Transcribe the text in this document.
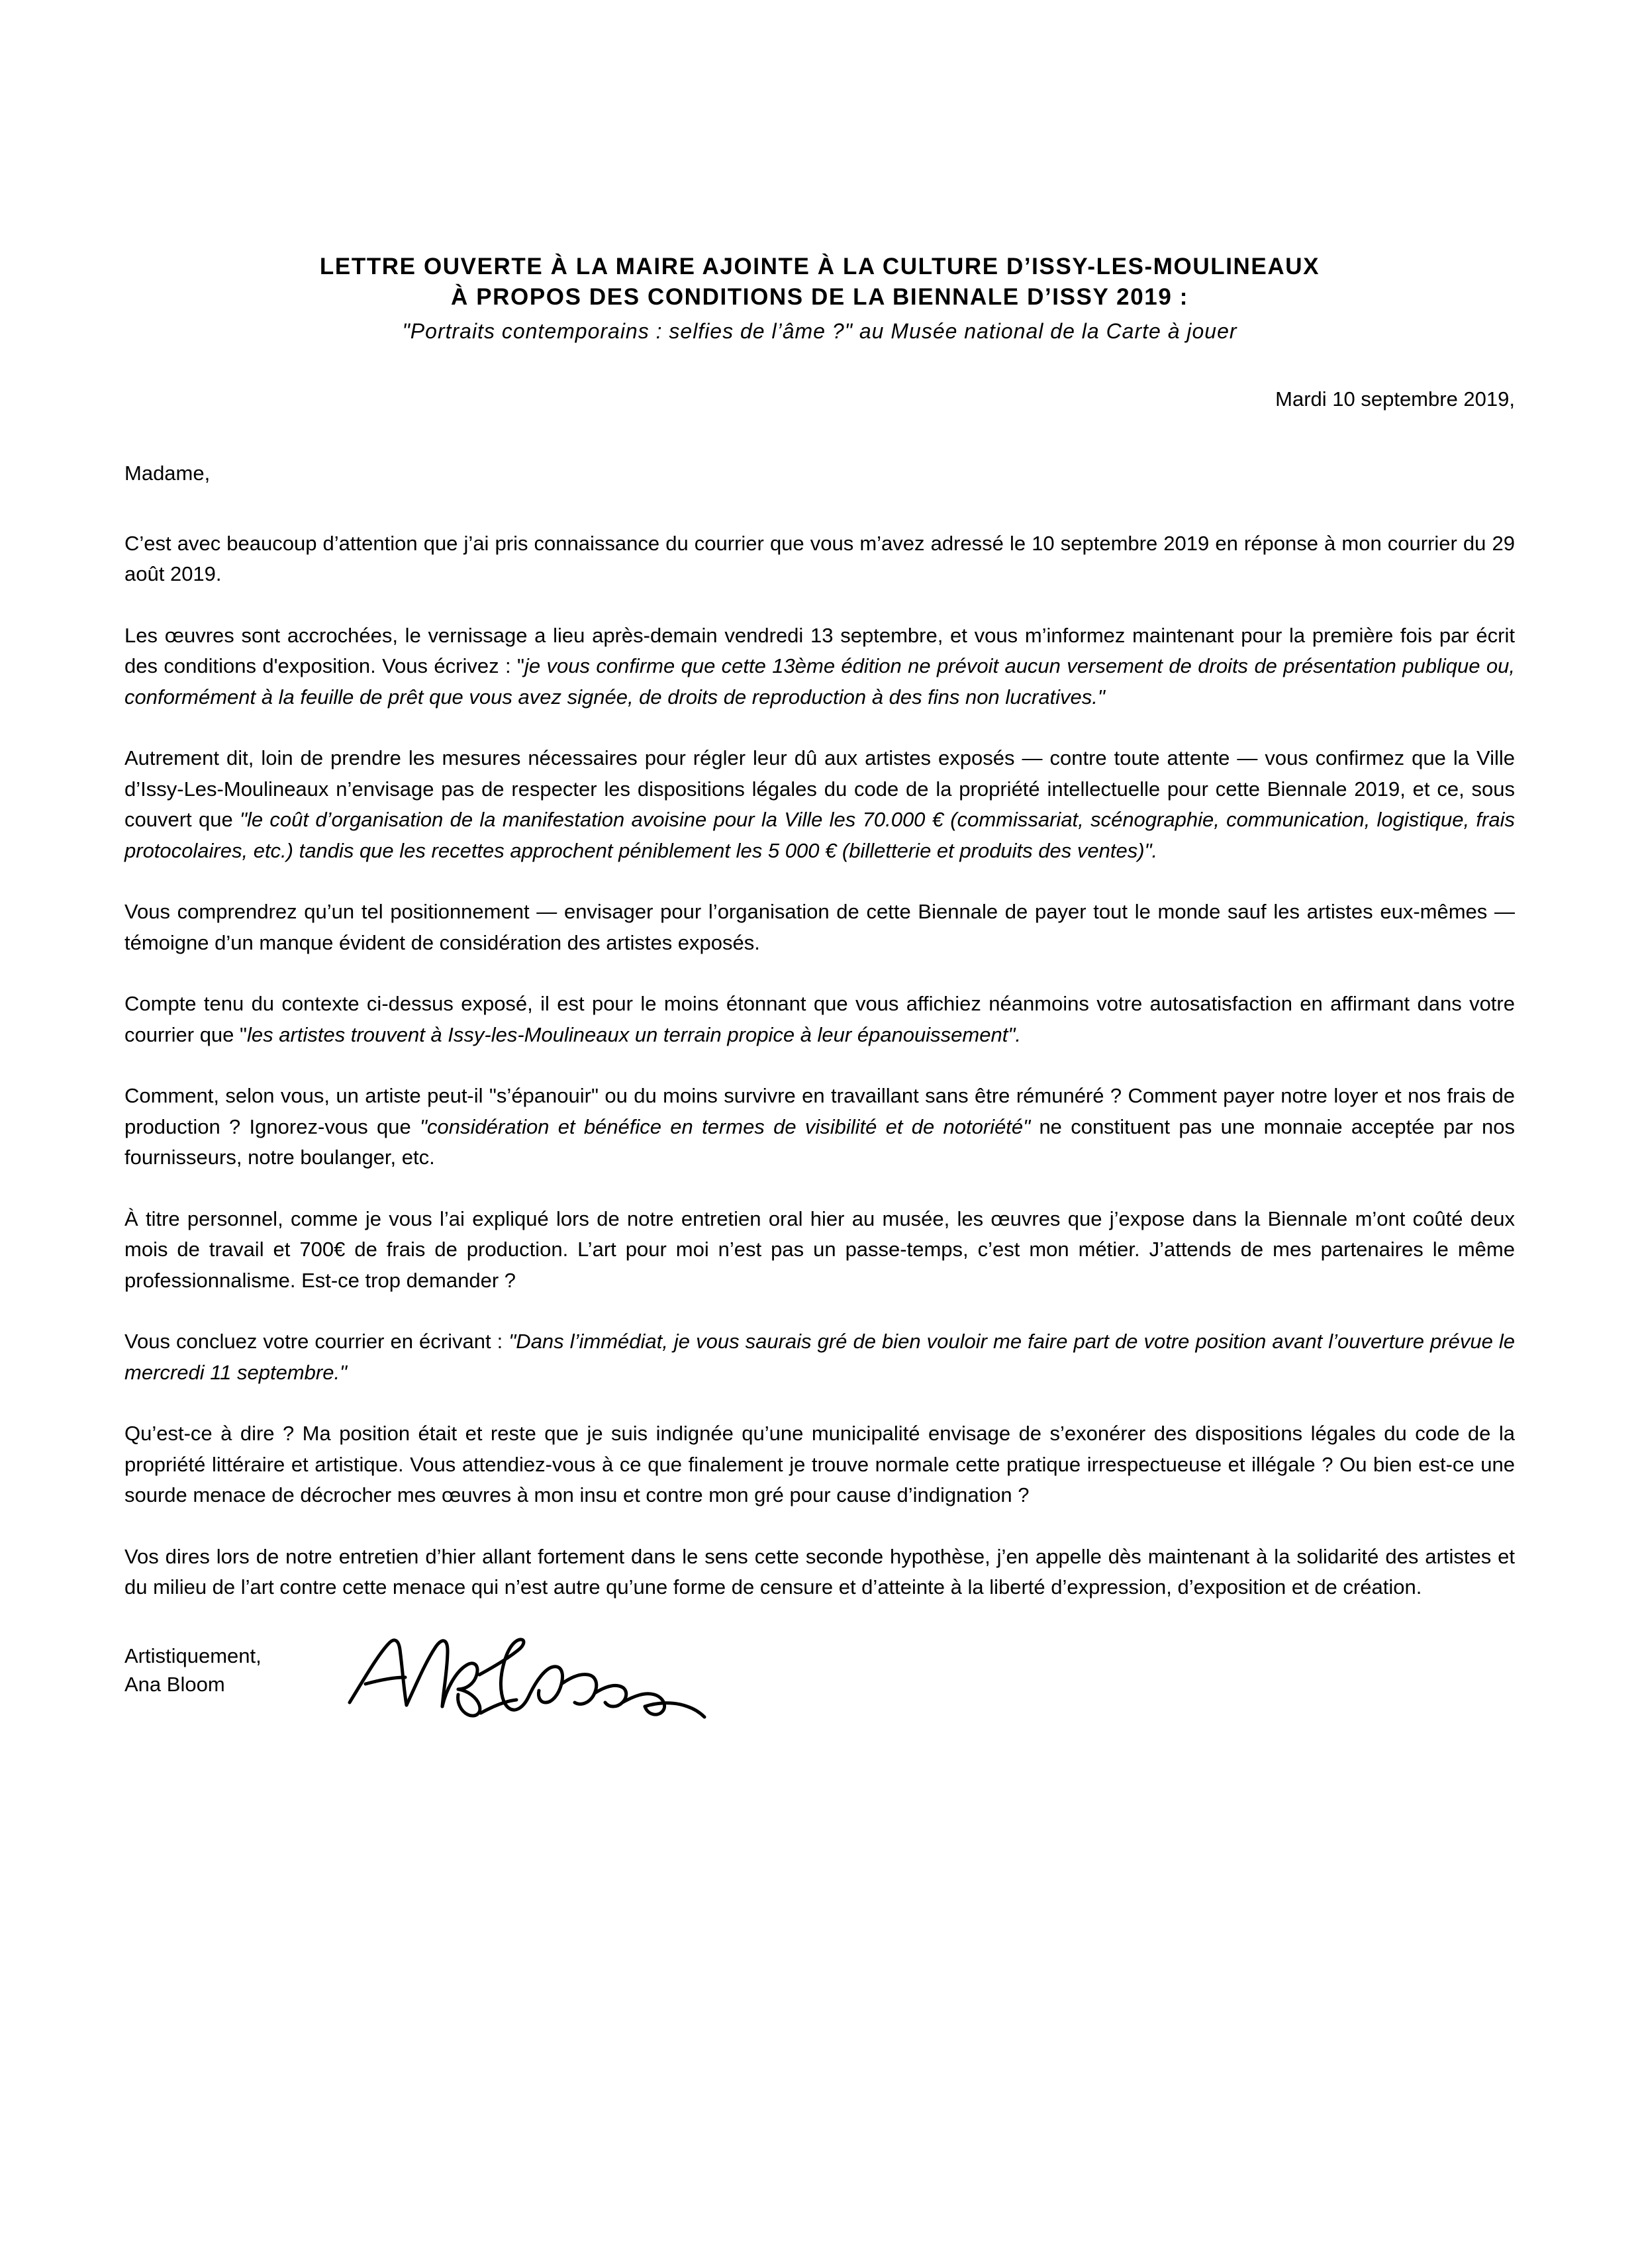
LETTRE OUVERTE À LA MAIRE AJOINTE À LA CULTURE D’ISSY-LES-MOULINEAUX
À PROPOS DES CONDITIONS DE LA BIENNALE D’ISSY 2019 :
"Portraits contemporains : selfies de l’âme ?" au Musée national de la Carte à jouer
Mardi 10 septembre 2019,
Madame,

C’est avec beaucoup d’attention que j’ai pris connaissance du courrier que vous m’avez adressé le 10 septembre 2019 en réponse à mon courrier du 29 août 2019.

Les œuvres sont accrochées, le vernissage a lieu après-demain vendredi 13 septembre, et vous m’informez maintenant pour la première fois par écrit des conditions d'exposition. Vous écrivez : "je vous confirme que cette 13ème édition ne prévoit aucun versement de droits de présentation publique ou, conformément à la feuille de prêt que vous avez signée, de droits de reproduction à des fins non lucratives."

Autrement dit, loin de prendre les mesures nécessaires pour régler leur dû aux artistes exposés — contre toute attente — vous confirmez que la Ville d’Issy-Les-Moulineaux n’envisage pas de respecter les dispositions légales du code de la propriété intellectuelle pour cette Biennale 2019, et ce, sous couvert que "le coût d’organisation de la manifestation avoisine pour la Ville les 70.000 € (commissariat, scénographie, communication, logistique, frais protocolaires, etc.) tandis que les recettes approchent péniblement les 5 000 € (billetterie et produits des ventes)".

Vous comprendrez qu’un tel positionnement — envisager pour l’organisation de cette Biennale de payer tout le monde sauf les artistes eux-mêmes — témoigne d’un manque évident de considération des artistes exposés.

Compte tenu du contexte ci-dessus exposé, il est pour le moins étonnant que vous affichiez néanmoins votre autosatisfaction en affirmant dans votre courrier que "les artistes trouvent à Issy-les-Moulineaux un terrain propice à leur épanouissement".

Comment, selon vous, un artiste peut-il "s’épanouir" ou du moins survivre en travaillant sans être rémunéré ? Comment payer notre loyer et nos frais de production ? Ignorez-vous que "considération et bénéfice en termes de visibilité et de notoriété" ne constituent pas une monnaie acceptée par nos fournisseurs, notre boulanger, etc.

À titre personnel, comme je vous l’ai expliqué lors de notre entretien oral hier au musée, les œuvres que j’expose dans la Biennale m’ont coûté deux mois de travail et 700€ de frais de production. L’art pour moi n’est pas un passe-temps, c’est mon métier. J’attends de mes partenaires le même professionnalisme. Est-ce trop demander ?

Vous concluez votre courrier en écrivant : "Dans l’immédiat, je vous saurais gré de bien vouloir me faire part de votre position avant l’ouverture prévue le mercredi 11 septembre."

Qu’est-ce à dire ? Ma position était et reste que je suis indignée qu’une municipalité envisage de s’exonérer des dispositions légales du code de la propriété littéraire et artistique. Vous attendiez-vous à ce que finalement je trouve normale cette pratique irrespectueuse et illégale ? Ou bien est-ce une sourde menace de décrocher mes œuvres à mon insu et contre mon gré pour cause d’indignation ?

Vos dires lors de notre entretien d’hier allant fortement dans le sens cette seconde hypothèse, j’en appelle dès maintenant à la solidarité des artistes et du milieu de l’art contre cette menace qui n’est autre qu’une forme de censure et d’atteinte à la liberté d’expression, d’exposition et de création.

Artistiquement,
Ana Bloom
